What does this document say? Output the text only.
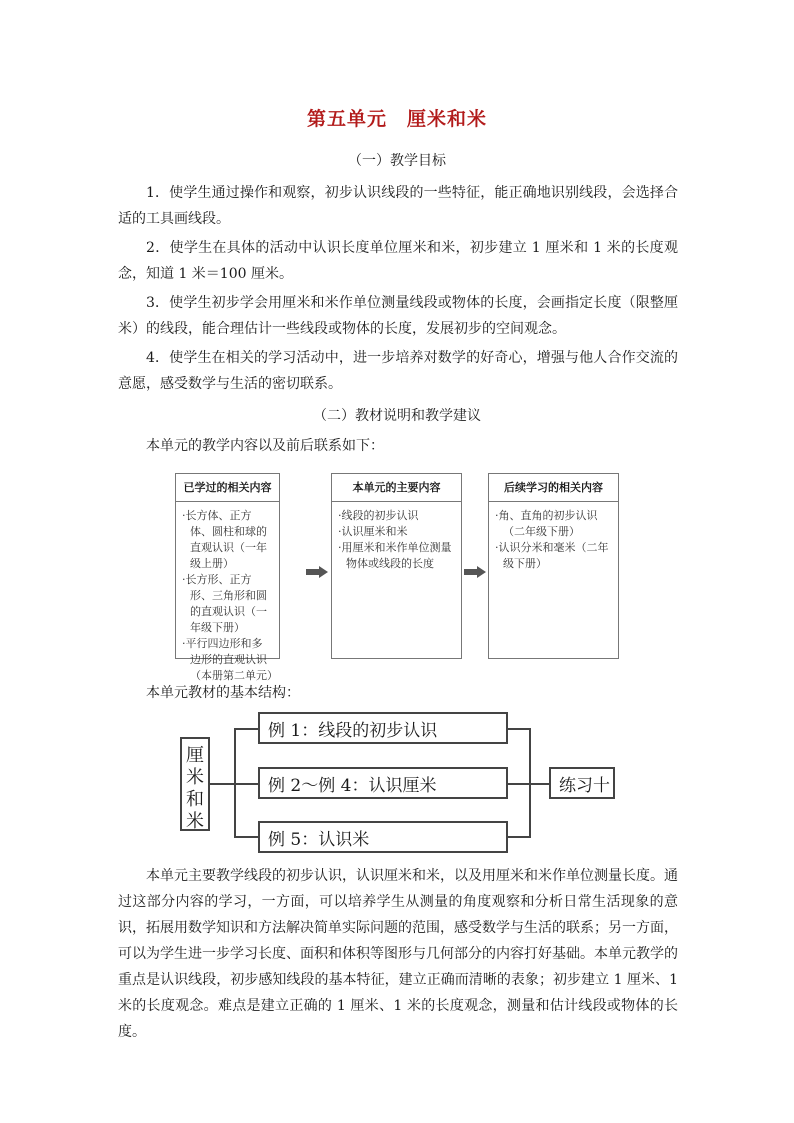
第五单元　厘米和米
（一）教学目标

1．使学生通过操作和观察，初步认识线段的一些特征，能正确地识别线段，会选择合适的工具画线段。

2．使学生在具体的活动中认识长度单位厘米和米，初步建立 1 厘米和 1 米的长度观念，知道 1 米＝100 厘米。

3．使学生初步学会用厘米和米作单位测量线段或物体的长度，会画指定长度（限整厘米）的线段，能合理估计一些线段或物体的长度，发展初步的空间观念。

4．使学生在相关的学习活动中，进一步培养对数学的好奇心，增强与他人合作交流的意愿，感受数学与生活的密切联系。

（二）教材说明和教学建议
本单元的教学内容以及前后联系如下：
已学过的相关内容
·长方体、正方体、圆柱和球的直观认识（一年级上册）
·长方形、正方形、三角形和圆的直观认识（一年级下册）
·平行四边形和多边形的直观认识（本册第二单元）
本单元的主要内容
·线段的初步认识
·认识厘米和米
·用厘米和米作单位测量物体或线段的长度
后续学习的相关内容
·角、直角的初步认识（二年级下册）
·认识分米和毫米（二年级下册）
本单元教材的基本结构：
厘米和米
例 1：线段的初步认识
例 2～例 4：认识厘米
例 5：认识米
练习十

本单元主要教学线段的初步认识，认识厘米和米，以及用厘米和米作单位测量长度。通过这部分内容的学习，一方面，可以培养学生从测量的角度观察和分析日常生活现象的意识，拓展用数学知识和方法解决简单实际问题的范围，感受数学与生活的联系；另一方面，可以为学生进一步学习长度、面积和体积等图形与几何部分的内容打好基础。本单元教学的重点是认识线段，初步感知线段的基本特征，建立正确而清晰的表象；初步建立 1 厘米、1 米的长度观念。难点是建立正确的 1 厘米、1 米的长度观念，测量和估计线段或物体的长度。
